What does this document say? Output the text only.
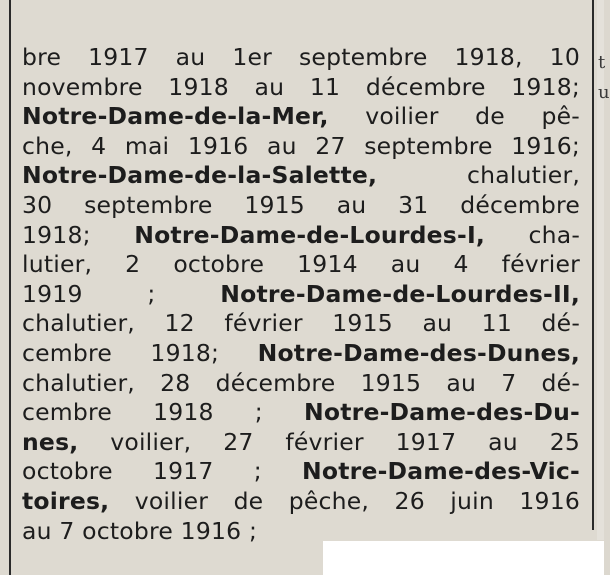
t
u
bre 1917 au 1er septembre 1918, 10
novembre 1918 au 11 décembre 1918;
Notre-Dame-de-la-Mer, voilier de pê-
che, 4 mai 1916 au 27 septembre 1916;
Notre-Dame-de-la-Salette, chalutier,
30 septembre 1915 au 31 décembre
1918; Notre-Dame-de-Lourdes-I, cha-
lutier, 2 octobre 1914 au 4 février
1919 ; Notre-Dame-de-Lourdes-II,
chalutier, 12 février 1915 au 11 dé-
cembre 1918; Notre-Dame-des-Dunes,
chalutier, 28 décembre 1915 au 7 dé-
cembre 1918 ; Notre-Dame-des-Du-
nes, voilier, 27 février 1917 au 25
octobre 1917 ; Notre-Dame-des-Vic-
toires, voilier de pêche, 26 juin 1916
au 7 octobre 1916 ;
